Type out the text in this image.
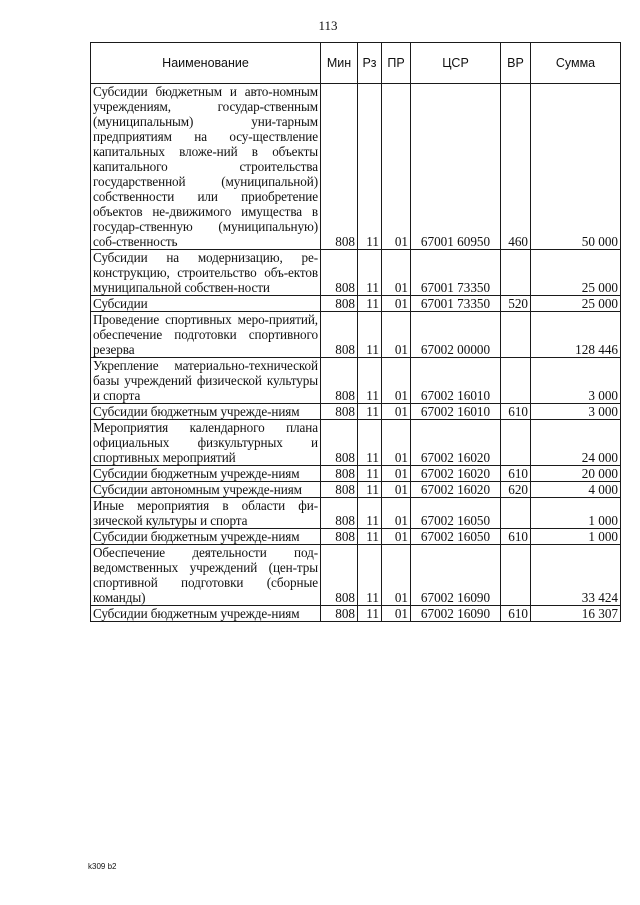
113
Наименование	Мин	Рз	ПР	ЦСР	ВР	Сумма
Субсидии бюджетным и авто-номным учреждениям, государ-ственным (муниципальным) уни-тарным предприятиям на осу-ществление капитальных вложе-ний в объекты капитального строительства государственной (муниципальной) собственности или приобретение объектов не-движимого имущества в государ-ственную (муниципальную) соб-ственность	808	11	01	67001 60950	460	50 000
Субсидии на модернизацию, ре-конструкцию, строительство объ-ектов муниципальной собствен-ности	808	11	01	67001 73350		25 000
Субсидии	808	11	01	67001 73350	520	25 000
Проведение спортивных меро-приятий, обеспечение подготовки спортивного резерва	808	11	01	67002 00000		128 446
Укрепление материально-технической базы учреждений физической культуры и спорта	808	11	01	67002 16010		3 000
Субсидии бюджетным учрежде-ниям	808	11	01	67002 16010	610	3 000
Мероприятия календарного плана официальных физкультурных и спортивных мероприятий	808	11	01	67002 16020		24 000
Субсидии бюджетным учрежде-ниям	808	11	01	67002 16020	610	20 000
Субсидии автономным учрежде-ниям	808	11	01	67002 16020	620	4 000
Иные мероприятия в области фи-зической культуры и спорта	808	11	01	67002 16050		1 000
Субсидии бюджетным учрежде-ниям	808	11	01	67002 16050	610	1 000
Обеспечение деятельности под-ведомственных учреждений (цен-тры спортивной подготовки (сборные команды)	808	11	01	67002 16090		33 424
Субсидии бюджетным учрежде-ниям	808	11	01	67002 16090	610	16 307
k309 b2
